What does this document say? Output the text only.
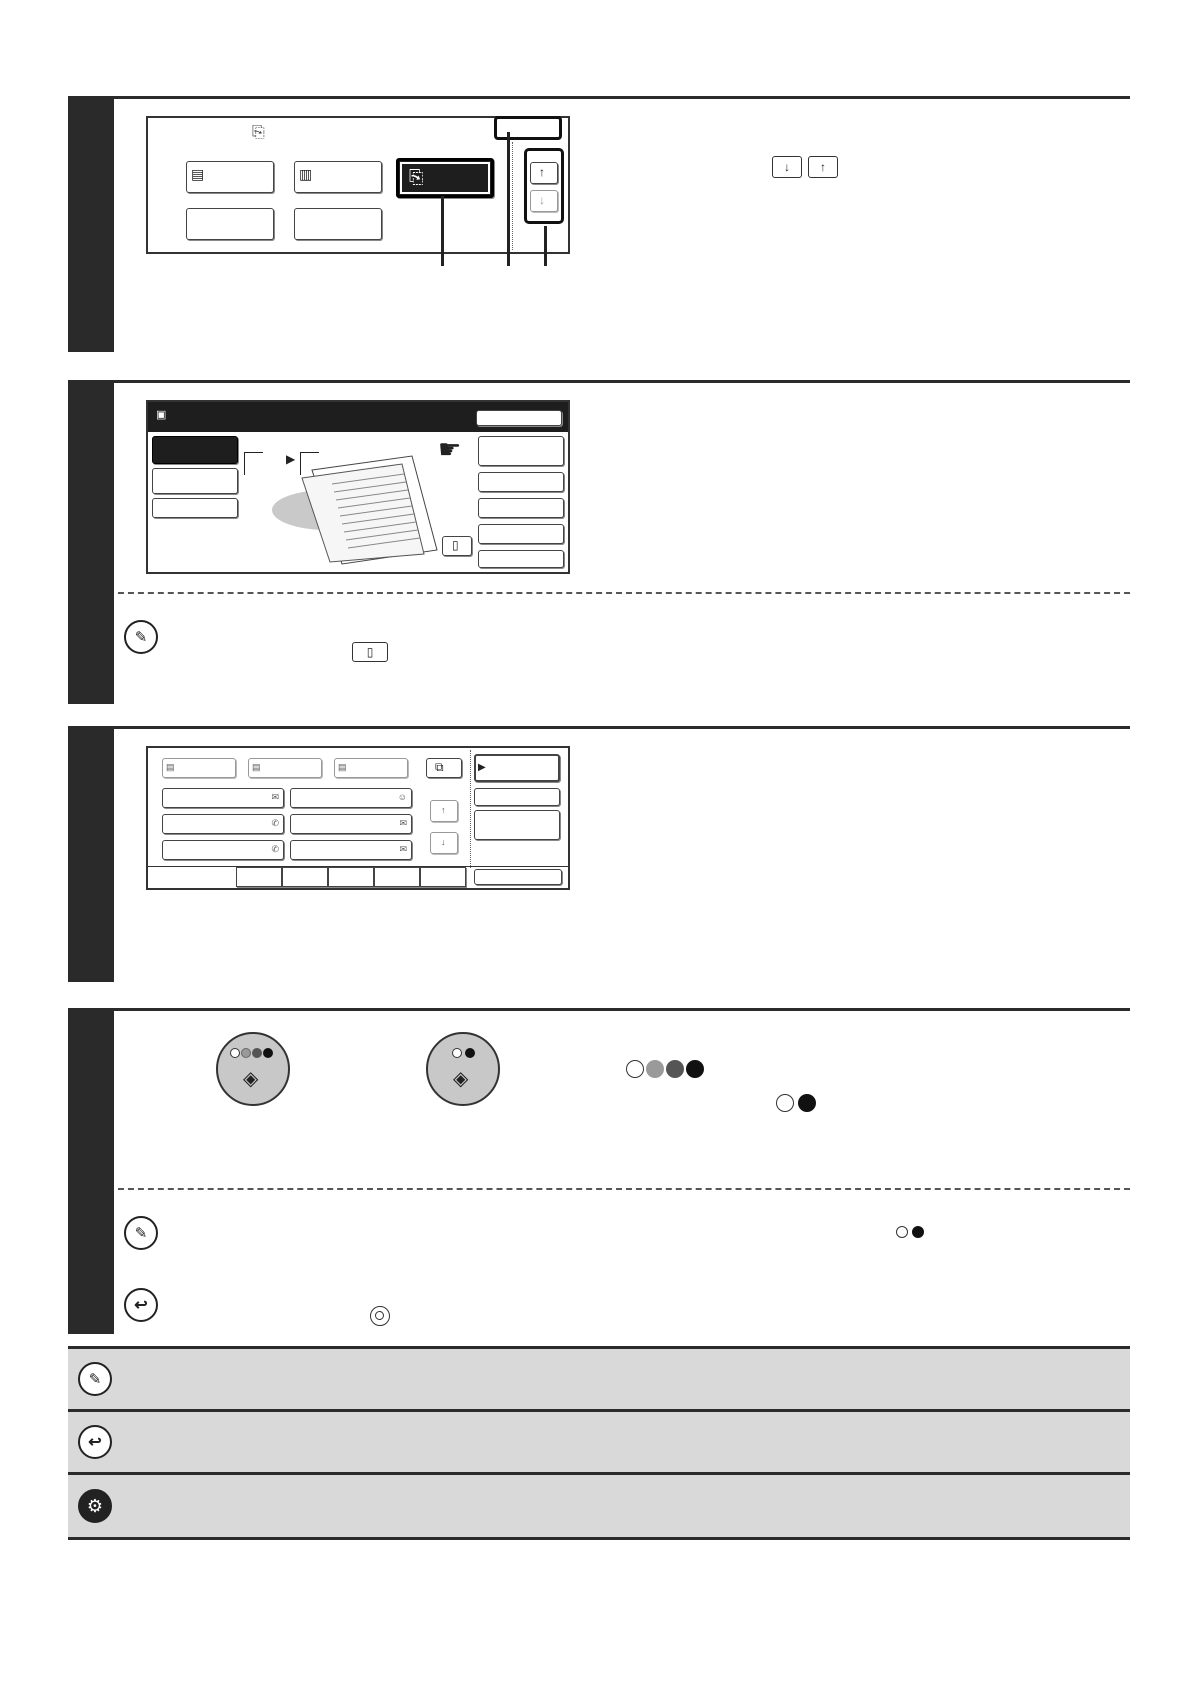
⎘
▤	▥	⎘	↑
↓
↓	↑
▣
▶	☛
▯
✎
▯
▤	▤	▤	⧉
✉	☺
✆	✉
✆	✉
↑
↓
▶
◈	◈
✎
↩
✎
↩
⚙
